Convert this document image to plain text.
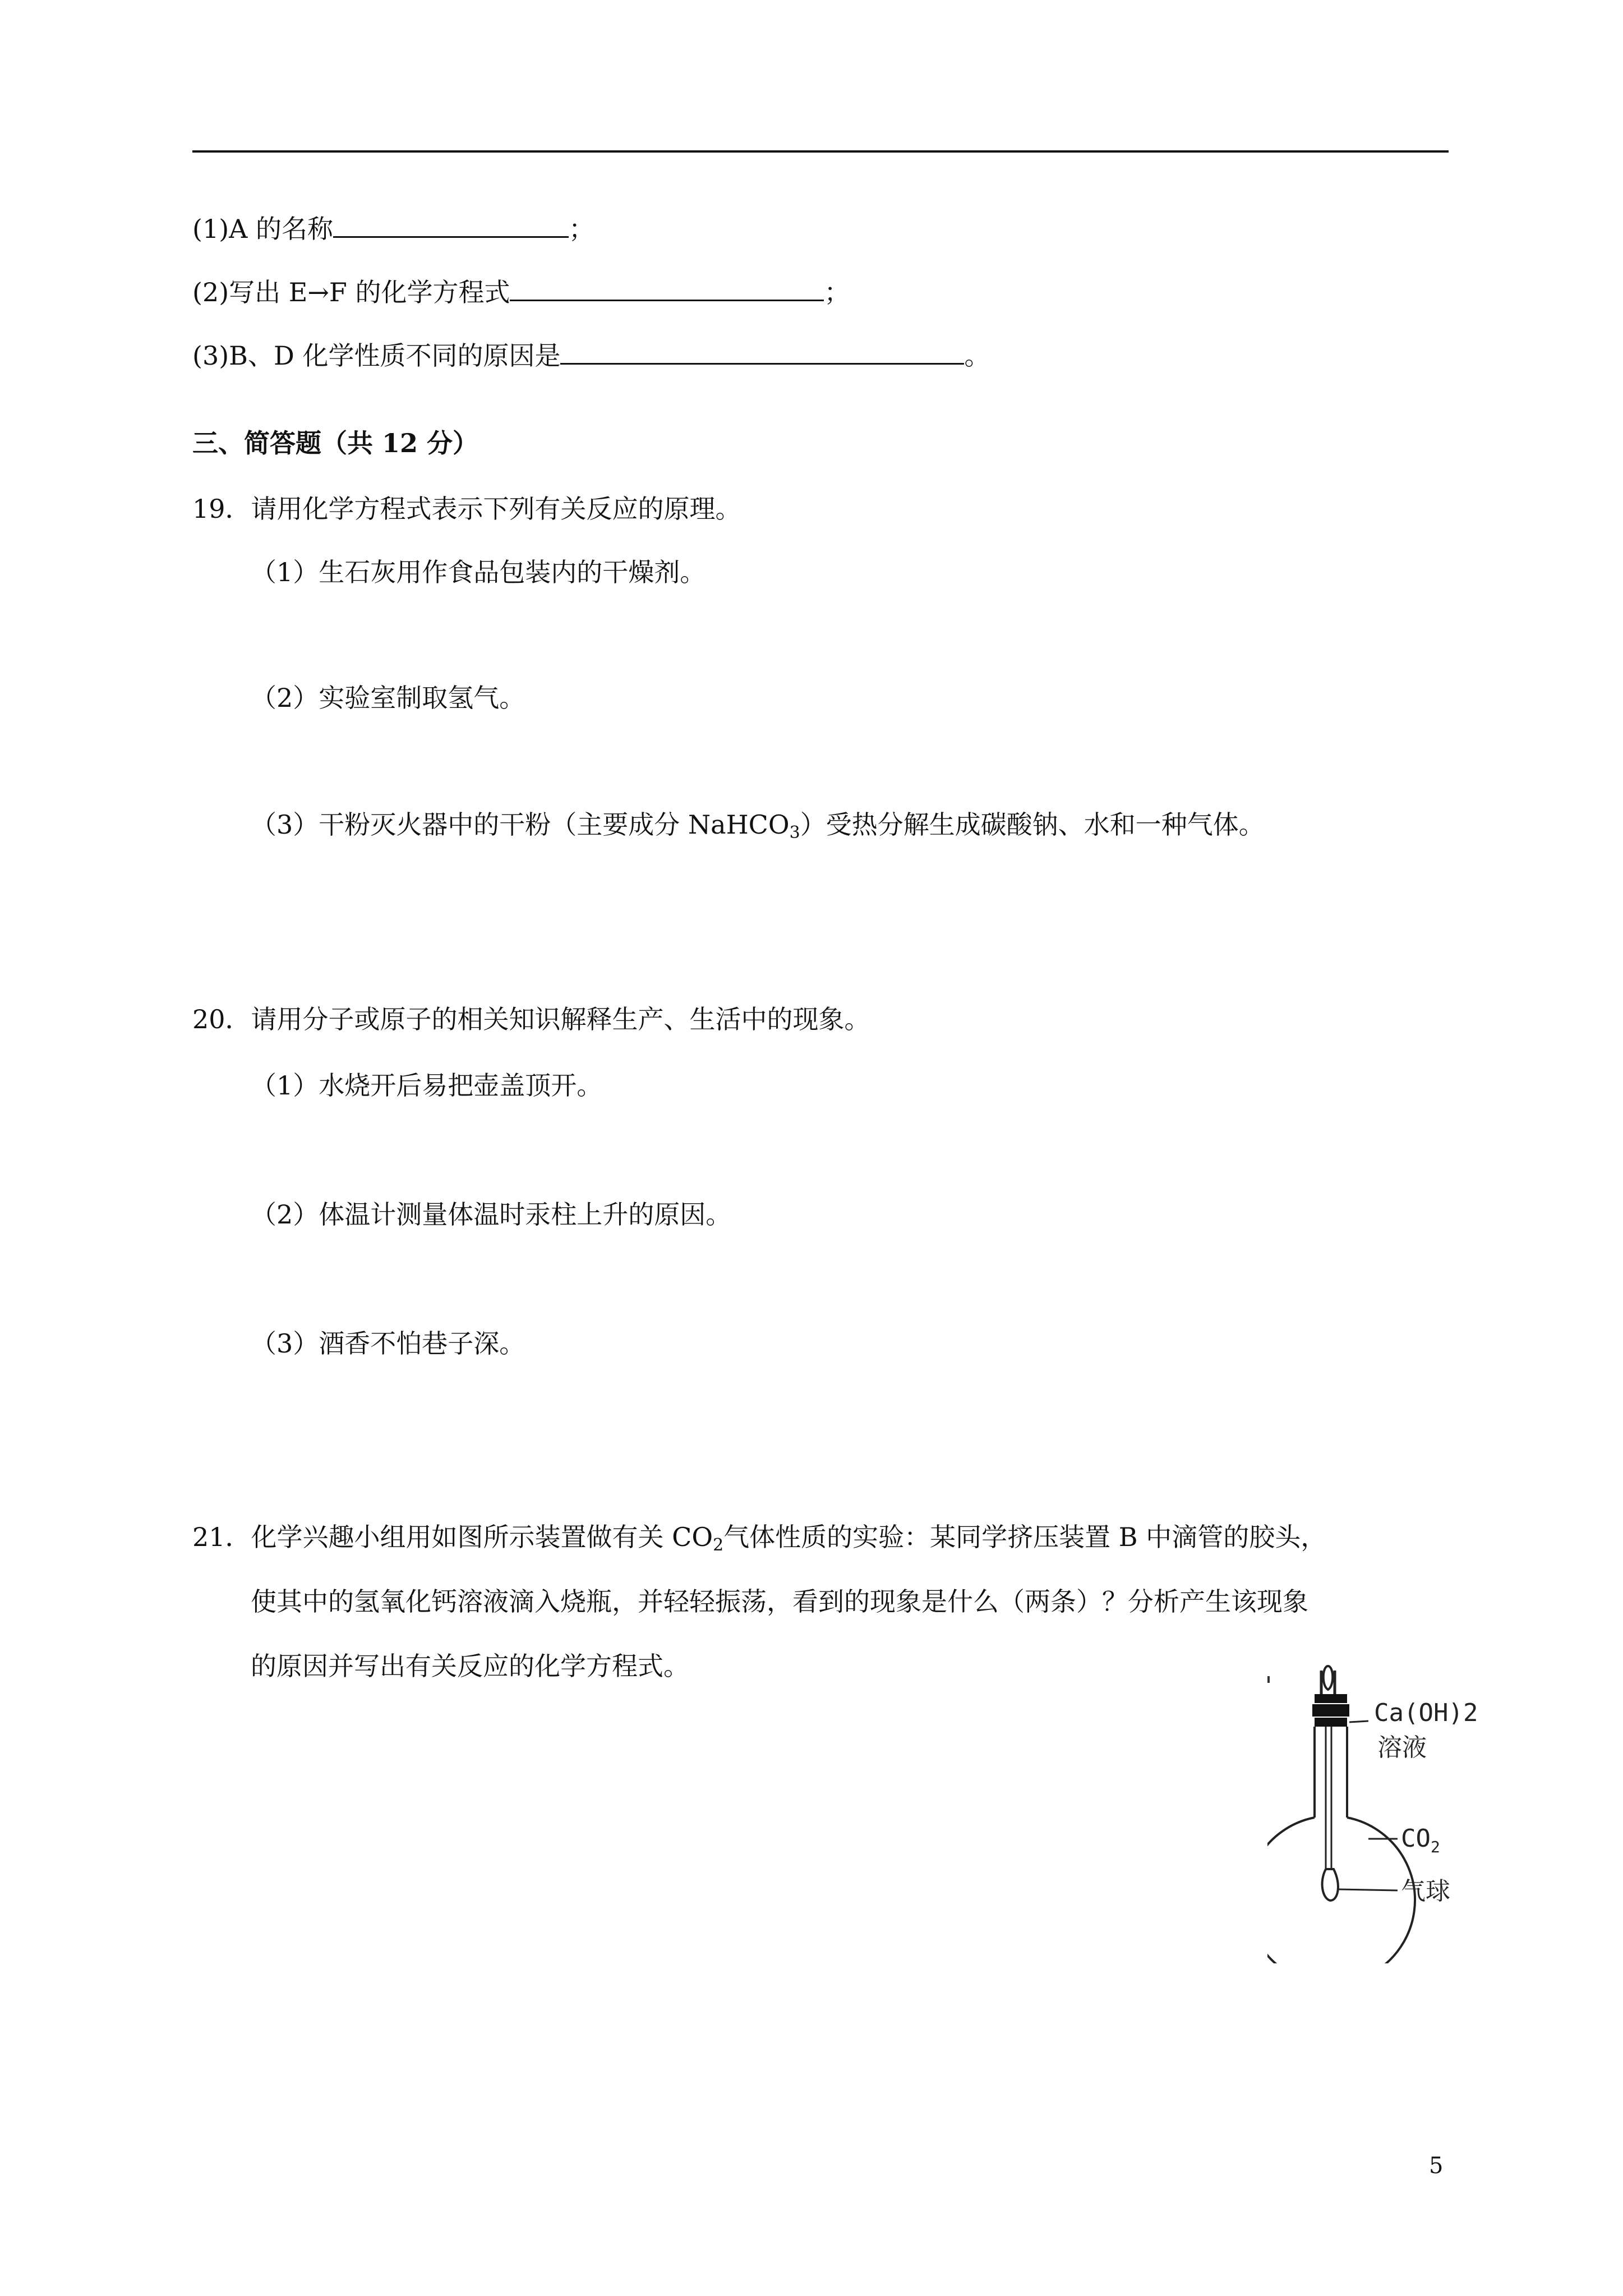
(1)A 的名称	；
(2)写出 E→F 的化学方程式	；
(3)B、D 化学性质不同的原因是	。
三、简答题（共 12 分）
19．请用化学方程式表示下列有关反应的原理。
（1）生石灰用作食品包装内的干燥剂。
（2）实验室制取氢气。
（3）干粉灭火器中的干粉（主要成分 NaHCO$_3$）受热分解生成碳酸钠、水和一种气体。
20．请用分子或原子的相关知识解释生产、生活中的现象。
（1）水烧开后易把壶盖顶开。
（2）体温计测量体温时汞柱上升的原因。
（3）酒香不怕巷子深。
21．化学兴趣小组用如图所示装置做有关 $CO_2$气体性质的实验：某同学挤压装置 B 中滴管的胶头，
使其中的氢氧化钙溶液滴入烧瓶，并轻轻振荡，看到的现象是什么（两条）？分析产生该现象
的原因并写出有关反应的化学方程式。
Ca(OH)2
溶液
$CO_2$
气球
5
